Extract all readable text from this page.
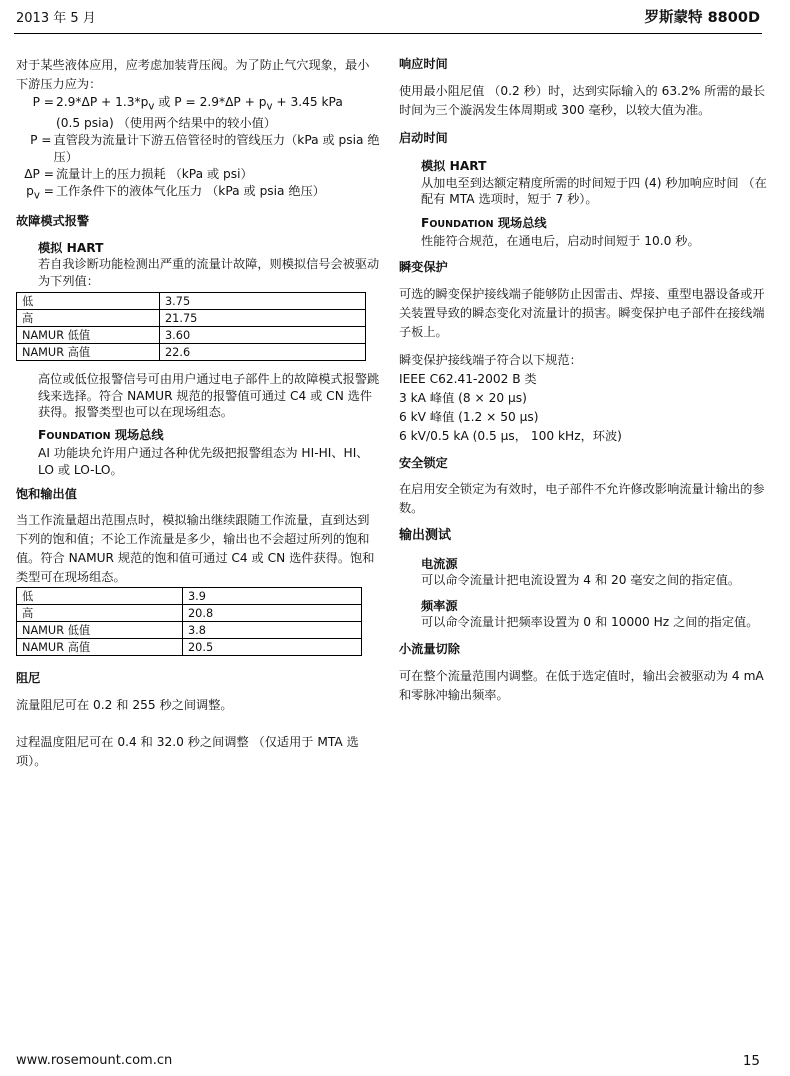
2013 年 5 月	罗斯蒙特 8800D

对于某些液体应用，应考虑加装背压阀。为了防止气穴现象，最小下游压力应为：

$P = 2.9*\Delta P + 1.3*p_v$ 或 $P = 2.9*\Delta P + p_v + 3.45$ kPa
(0.5 psia) （使用两个结果中的较小值）
P = 直管段为流量计下游五倍管径时的管线压力（kPa 或 psia 绝压）
ΔP = 流量计上的压力损耗 （kPa 或 psi）
$p_v$ = 工作条件下的液体气化压力 （kPa 或 psia 绝压）

故障模式报警

模拟 HART

若自我诊断功能检测出严重的流量计故障，则模拟信号会被驱动为下列值：

低	3.75
高	21.75
NAMUR 低值	3.60
NAMUR 高值	22.6

高位或低位报警信号可由用户通过电子部件上的故障模式报警跳线来选择。符合 NAMUR 规范的报警值可通过 C4 或 CN 选件获得。报警类型也可以在现场组态。

FOUNDATION 现场总线

AI 功能块允许用户通过各种优先级把报警组态为 HI-HI、HI、 LO 或 LO-LO。

饱和输出值

当工作流量超出范围点时，模拟输出继续跟随工作流量，直到达到下列的饱和值；不论工作流量是多少，输出也不会超过所列的饱和值。符合 NAMUR 规范的饱和值可通过 C4 或 CN 选件获得。饱和类型可在现场组态。

低	3.9
高	20.8
NAMUR 低值	3.8
NAMUR 高值	20.5

阻尼

流量阻尼可在 0.2 和 255 秒之间调整。

过程温度阻尼可在 0.4 和 32.0 秒之间调整 （仅适用于 MTA 选项）。

响应时间

使用最小阻尼值 （0.2 秒）时，达到实际输入的 63.2% 所需的最长时间为三个漩涡发生体周期或 300 毫秒，以较大值为准。

启动时间

模拟 HART

从加电至到达额定精度所需的时间短于四 (4) 秒加响应时间 （在配有 MTA 选项时，短于 7 秒）。

FOUNDATION 现场总线

性能符合规范，在通电后，启动时间短于 10.0 秒。

瞬变保护

可选的瞬变保护接线端子能够防止因雷击、焊接、重型电器设备或开关装置导致的瞬态变化对流量计的损害。瞬变保护电子部件在接线端子板上。

瞬变保护接线端子符合以下规范：

IEEE C62.41-2002 B 类

3 kA 峰值 (8 × 20 µs)

6 kV 峰值 (1.2 × 50 µs)

6 kV/0.5 kA (0.5 µs， 100 kHz，环波)

安全锁定

在启用安全锁定为有效时，电子部件不允许修改影响流量计输出的参数。

输出测试

电流源

可以命令流量计把电流设置为 4 和 20 毫安之间的指定值。

频率源

可以命令流量计把频率设置为 0 和 10000 Hz 之间的指定值。

小流量切除

可在整个流量范围内调整。在低于选定值时，输出会被驱动为 4 mA 和零脉冲输出频率。

www.rosemount.com.cn	15
